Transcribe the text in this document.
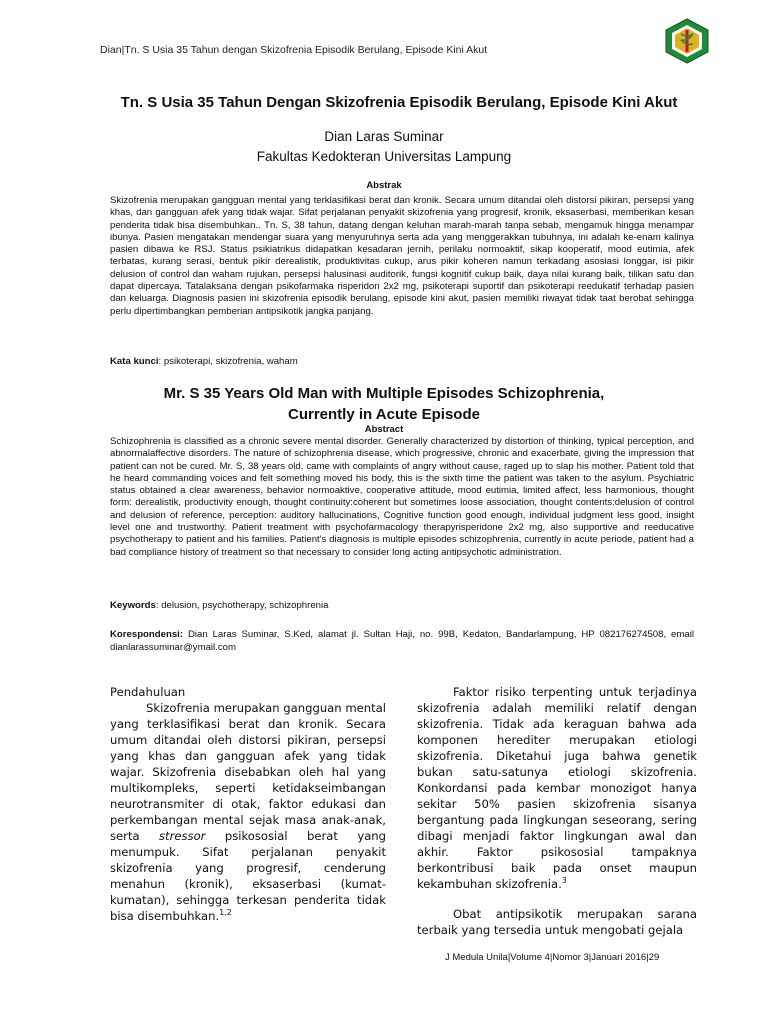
Dian|Tn. S Usia 35 Tahun dengan Skizofrenia Episodik Berulang, Episode Kini Akut
Tn. S Usia 35 Tahun Dengan Skizofrenia Episodik Berulang, Episode Kini Akut
Dian Laras Suminar
Fakultas Kedokteran Universitas Lampung
Abstrak
Skizofrenia merupakan gangguan mental yang terklasifikasi berat dan kronik. Secara umum ditandai oleh distorsi pikiran, persepsi yang khas, dan gangguan afek yang tidak wajar. Sifat perjalanan penyakit skizofrenia yang progresif, kronik, eksaserbasi, memberikan kesan penderita tidak bisa disembuhkan.. Tn. S, 38 tahun, datang dengan keluhan marah-marah tanpa sebab, mengamuk hingga menampar ibunya. Pasien mengatakan mendengar suara yang menyuruhnya serta ada yang menggerakkan tubuhnya, ini adalah ke-enam kalinya pasien dibawa ke RSJ. Status psikiatrikus didapatkan kesadaran jernih, perilaku normoaktif, sikap kooperatif, mood eutimia, afek terbatas, kurang serasi, bentuk pikir derealistik, produktivitas cukup, arus pikir koheren namun terkadang asosiasi longgar, isi pikir delusion of control dan waham rujukan, persepsi halusinasi auditorik, fungsi kognitif cukup baik, daya nilai kurang baik, tilikan satu dan dapat dipercaya. Tatalaksana dengan psikofarmaka risperidon 2x2 mg, psikoterapi suportif dan psikoterapi reedukatif terhadap pasien dan keluarga. Diagnosis pasien ini skizofrenia episodik berulang, episode kini akut, pasien memiliki riwayat tidak taat berobat sehingga perlu dipertimbangkan pemberian antipsikotik jangka panjang.
Kata kunci: psikoterapi, skizofrenia, waham
Mr. S 35 Years Old Man with Multiple Episodes Schizophrenia,
Currently in Acute Episode
Abstract
Schizophrenia is classified as a chronic severe mental disorder. Generally characterized by distortion of thinking, typical perception, and abnormalaffective disorders. The nature of schizophrenia disease, which progressive, chronic and exacerbate, giving the impression that patient can not be cured. Mr. S, 38 years old, came with complaints of angry without cause, raged up to slap his mother. Patient told that he heard commanding voices and felt something moved his body, this is the sixth time the patient was taken to the asylum. Psychiatric status obtained a clear awareness, behavior normoaktive, cooperative attitude, mood eutimia, limited affect, less harmonious, thought form: derealistik, productivity enough, thought continuity:coherent but sometimes loose association, thought contents:delusion of control and delusion of reference, perception: auditory hallucinations, Cognitive function good enough, individual judgment less good, insight level one and trustworthy. Patient treatment with psychofarmacology therapyrisperidone 2x2 mg, also supportive and reeducative psychotherapy to patient and his families. Patient's diagnosis is multiple episodes schizophrenia, currently in acute periode, patient had a bad compliance history of treatment so that necessary to consider long acting antipsychotic administration.
Keywords: delusion, psychotherapy, schizophrenia
Korespondensi: Dian Laras Suminar, S.Ked, alamat jl. Sultan Haji, no. 99B, Kedaton, Bandarlampung, HP 082176274508, email dianlarassuminar@ymail.com

Pendahuluan

Skizofrenia merupakan gangguan mental yang terklasifikasi berat dan kronik. Secara umum ditandai oleh distorsi pikiran, persepsi yang khas dan gangguan afek yang tidak wajar. Skizofrenia disebabkan oleh hal yang multikompleks, seperti ketidakseimbangan neurotransmiter di otak, faktor edukasi dan perkembangan mental sejak masa anak-anak, serta stressor psikososial berat yang menumpuk. Sifat perjalanan penyakit skizofrenia yang progresif, cenderung menahun (kronik), eksaserbasi (kumat-kumatan), sehingga terkesan penderita tidak bisa disembuhkan.$^{1,2}$

Faktor risiko terpenting untuk terjadinya skizofrenia adalah memiliki relatif dengan skizofrenia. Tidak ada keraguan bahwa ada komponen herediter merupakan etiologi skizofrenia. Diketahui juga bahwa genetik bukan satu-satunya etiologi skizofrenia. Konkordansi pada kembar monozigot hanya sekitar 50% pasien skizofrenia sisanya bergantung pada lingkungan seseorang, sering dibagi menjadi faktor lingkungan awal dan akhir. Faktor psikososial tampaknya berkontribusi baik pada onset maupun kekambuhan skizofrenia.$^3$

Obat antipsikotik merupakan sarana terbaik yang tersedia untuk mengobati gejala

J Medula Unila|Volume 4|Nomor 3|Januari 2016|29
